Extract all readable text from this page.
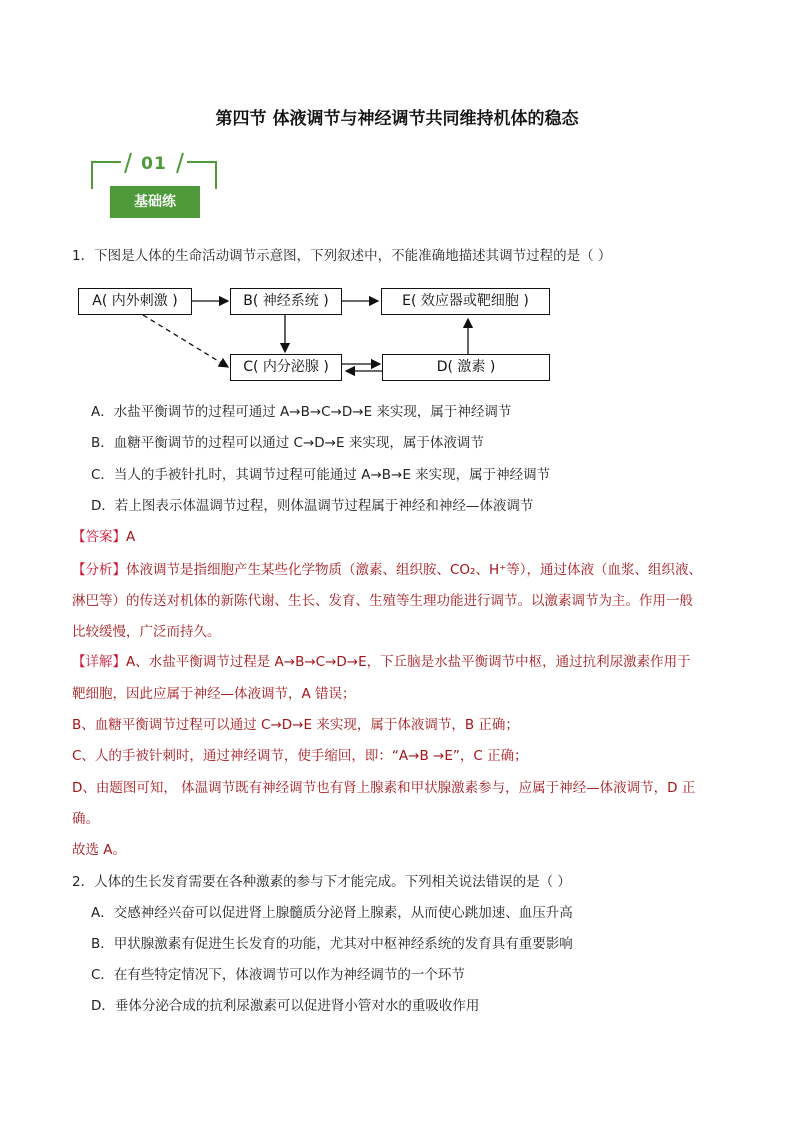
第四节 体液调节与神经调节共同维持机体的稳态
01
基础练
1．下图是人体的生命活动调节示意图，下列叙述中，不能准确地描述其调节过程的是（ ）
A( 内外刺激 )	B( 神经系统 )	E( 效应器或靶细胞 )
C( 内分泌腺 )	D( 激素 )
A．水盐平衡调节的过程可通过 A→B→C→D→E 来实现，属于神经调节
B．血糖平衡调节的过程可以通过 C→D→E 来实现，属于体液调节
C．当人的手被针扎时，其调节过程可能通过 A→B→E 来实现，属于神经调节
D．若上图表示体温调节过程，则体温调节过程属于神经和神经—体液调节
【答案】A
【分析】体液调节是指细胞产生某些化学物质（激素、组织胺、CO₂、H⁺等），通过体液（血浆、组织液、
淋巴等）的传送对机体的新陈代谢、生长、发育、生殖等生理功能进行调节。以激素调节为主。作用一般
比较缓慢，广泛而持久。
【详解】A、水盐平衡调节过程是 A→B→C→D→E，下丘脑是水盐平衡调节中枢，通过抗利尿激素作用于
靶细胞，因此应属于神经—体液调节，A 错误；
B、血糖平衡调节过程可以通过 C→D→E 来实现，属于体液调节，B 正确；
C、人的手被针刺时，通过神经调节，使手缩回，即：“A→B →E”，C 正确；
D、由题图可知， 体温调节既有神经调节也有肾上腺素和甲状腺激素参与，应属于神经—体液调节，D 正
确。
故选 A。
2．人体的生长发育需要在各种激素的参与下才能完成。下列相关说法错误的是（ ）
A．交感神经兴奋可以促进肾上腺髓质分泌肾上腺素，从而使心跳加速、血压升高
B．甲状腺激素有促进生长发育的功能，尤其对中枢神经系统的发育具有重要影响
C．在有些特定情况下，体液调节可以作为神经调节的一个环节
D．垂体分泌合成的抗利尿激素可以促进肾小管对水的重吸收作用
